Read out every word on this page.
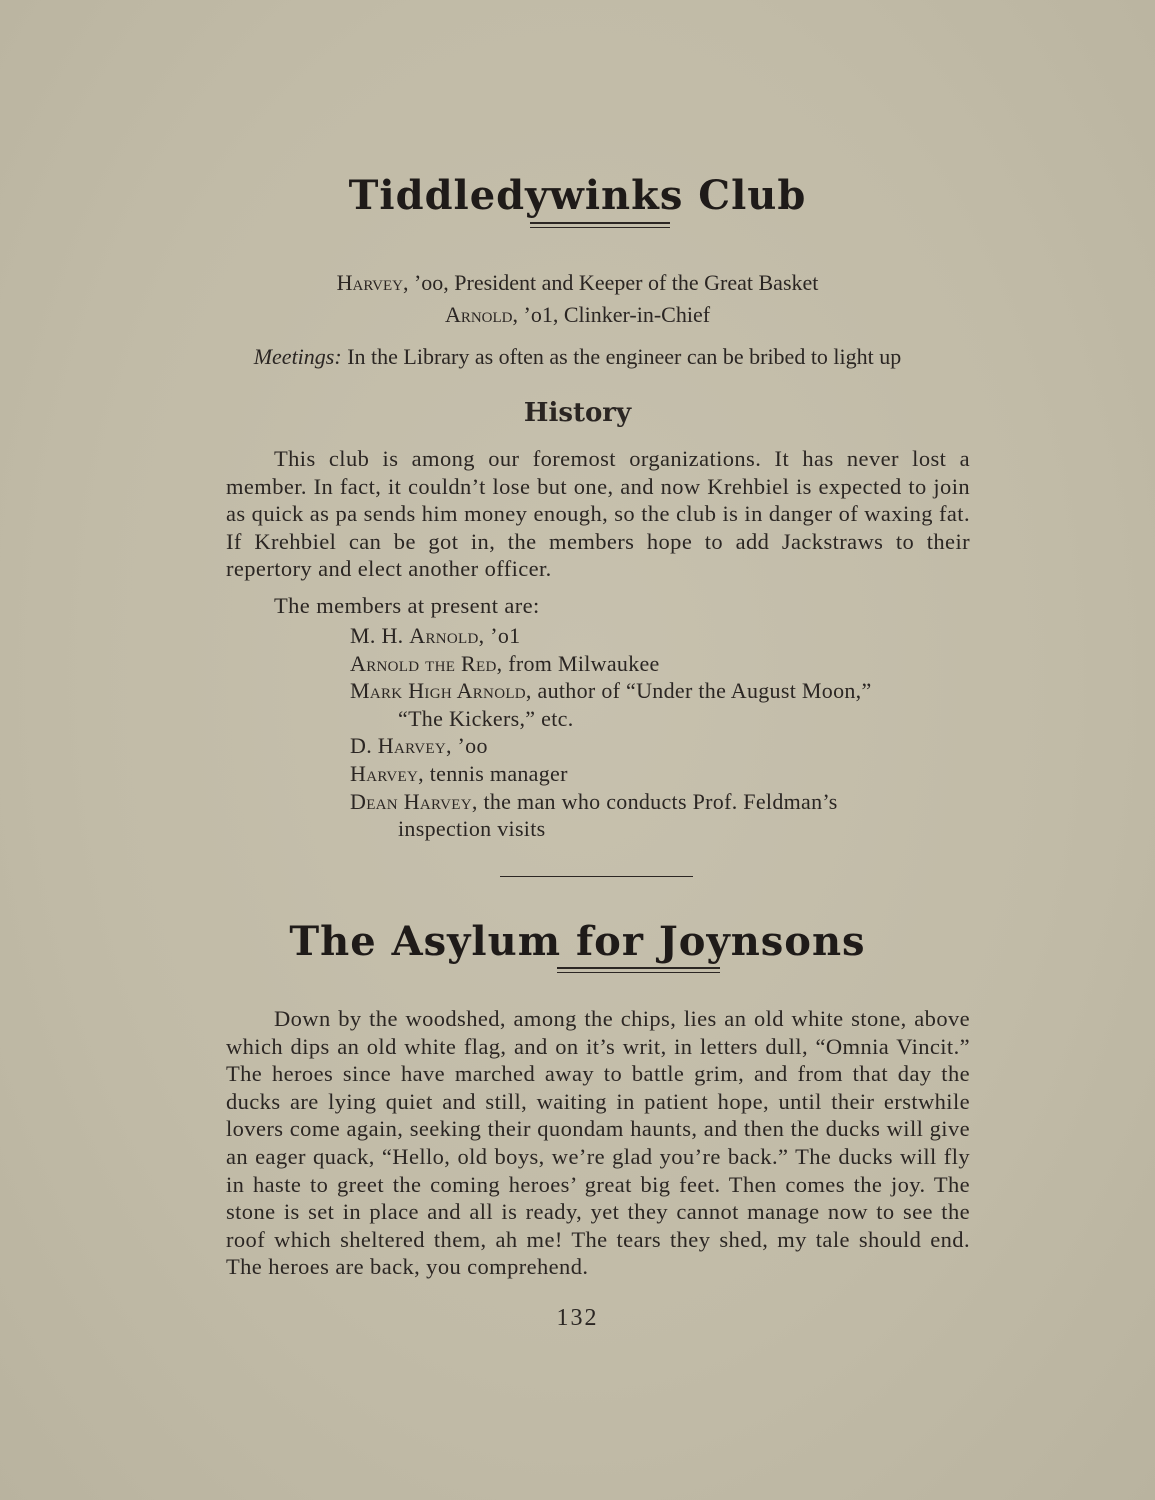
Tiddledywinks Club
Harvey, ’oo, President and Keeper of the Great Basket
Arnold, ’o1, Clinker-in-Chief
Meetings: In the Library as often as the engineer can be bribed to light up
History

This club is among our foremost organizations. It has never lost a member. In fact, it couldn’t lose but one, and now Krehbiel is expected to join as quick as pa sends him money enough, so the club is in danger of waxing fat. If Krehbiel can be got in, the members hope to add Jackstraws to their repertory and elect another officer.

The members at present are:

M. H. Arnold, ’o1
Arnold the Red, from Milwaukee
Mark High Arnold, author of “Under the August Moon,” “The Kickers,” etc.
D. Harvey, ’oo
Harvey, tennis manager
Dean Harvey, the man who conducts Prof. Feldman’s inspection visits
The Asylum for Joynsons

Down by the woodshed, among the chips, lies an old white stone, above which dips an old white flag, and on it’s writ, in letters dull, “Omnia Vincit.” The heroes since have marched away to battle grim, and from that day the ducks are lying quiet and still, waiting in patient hope, until their erstwhile lovers come again, seeking their quondam haunts, and then the ducks will give an eager quack, “Hello, old boys, we’re glad you’re back.” The ducks will fly in haste to greet the coming heroes’ great big feet. Then comes the joy. The stone is set in place and all is ready, yet they cannot manage now to see the roof which sheltered them, ah me! The tears they shed, my tale should end. The heroes are back, you comprehend.

132
